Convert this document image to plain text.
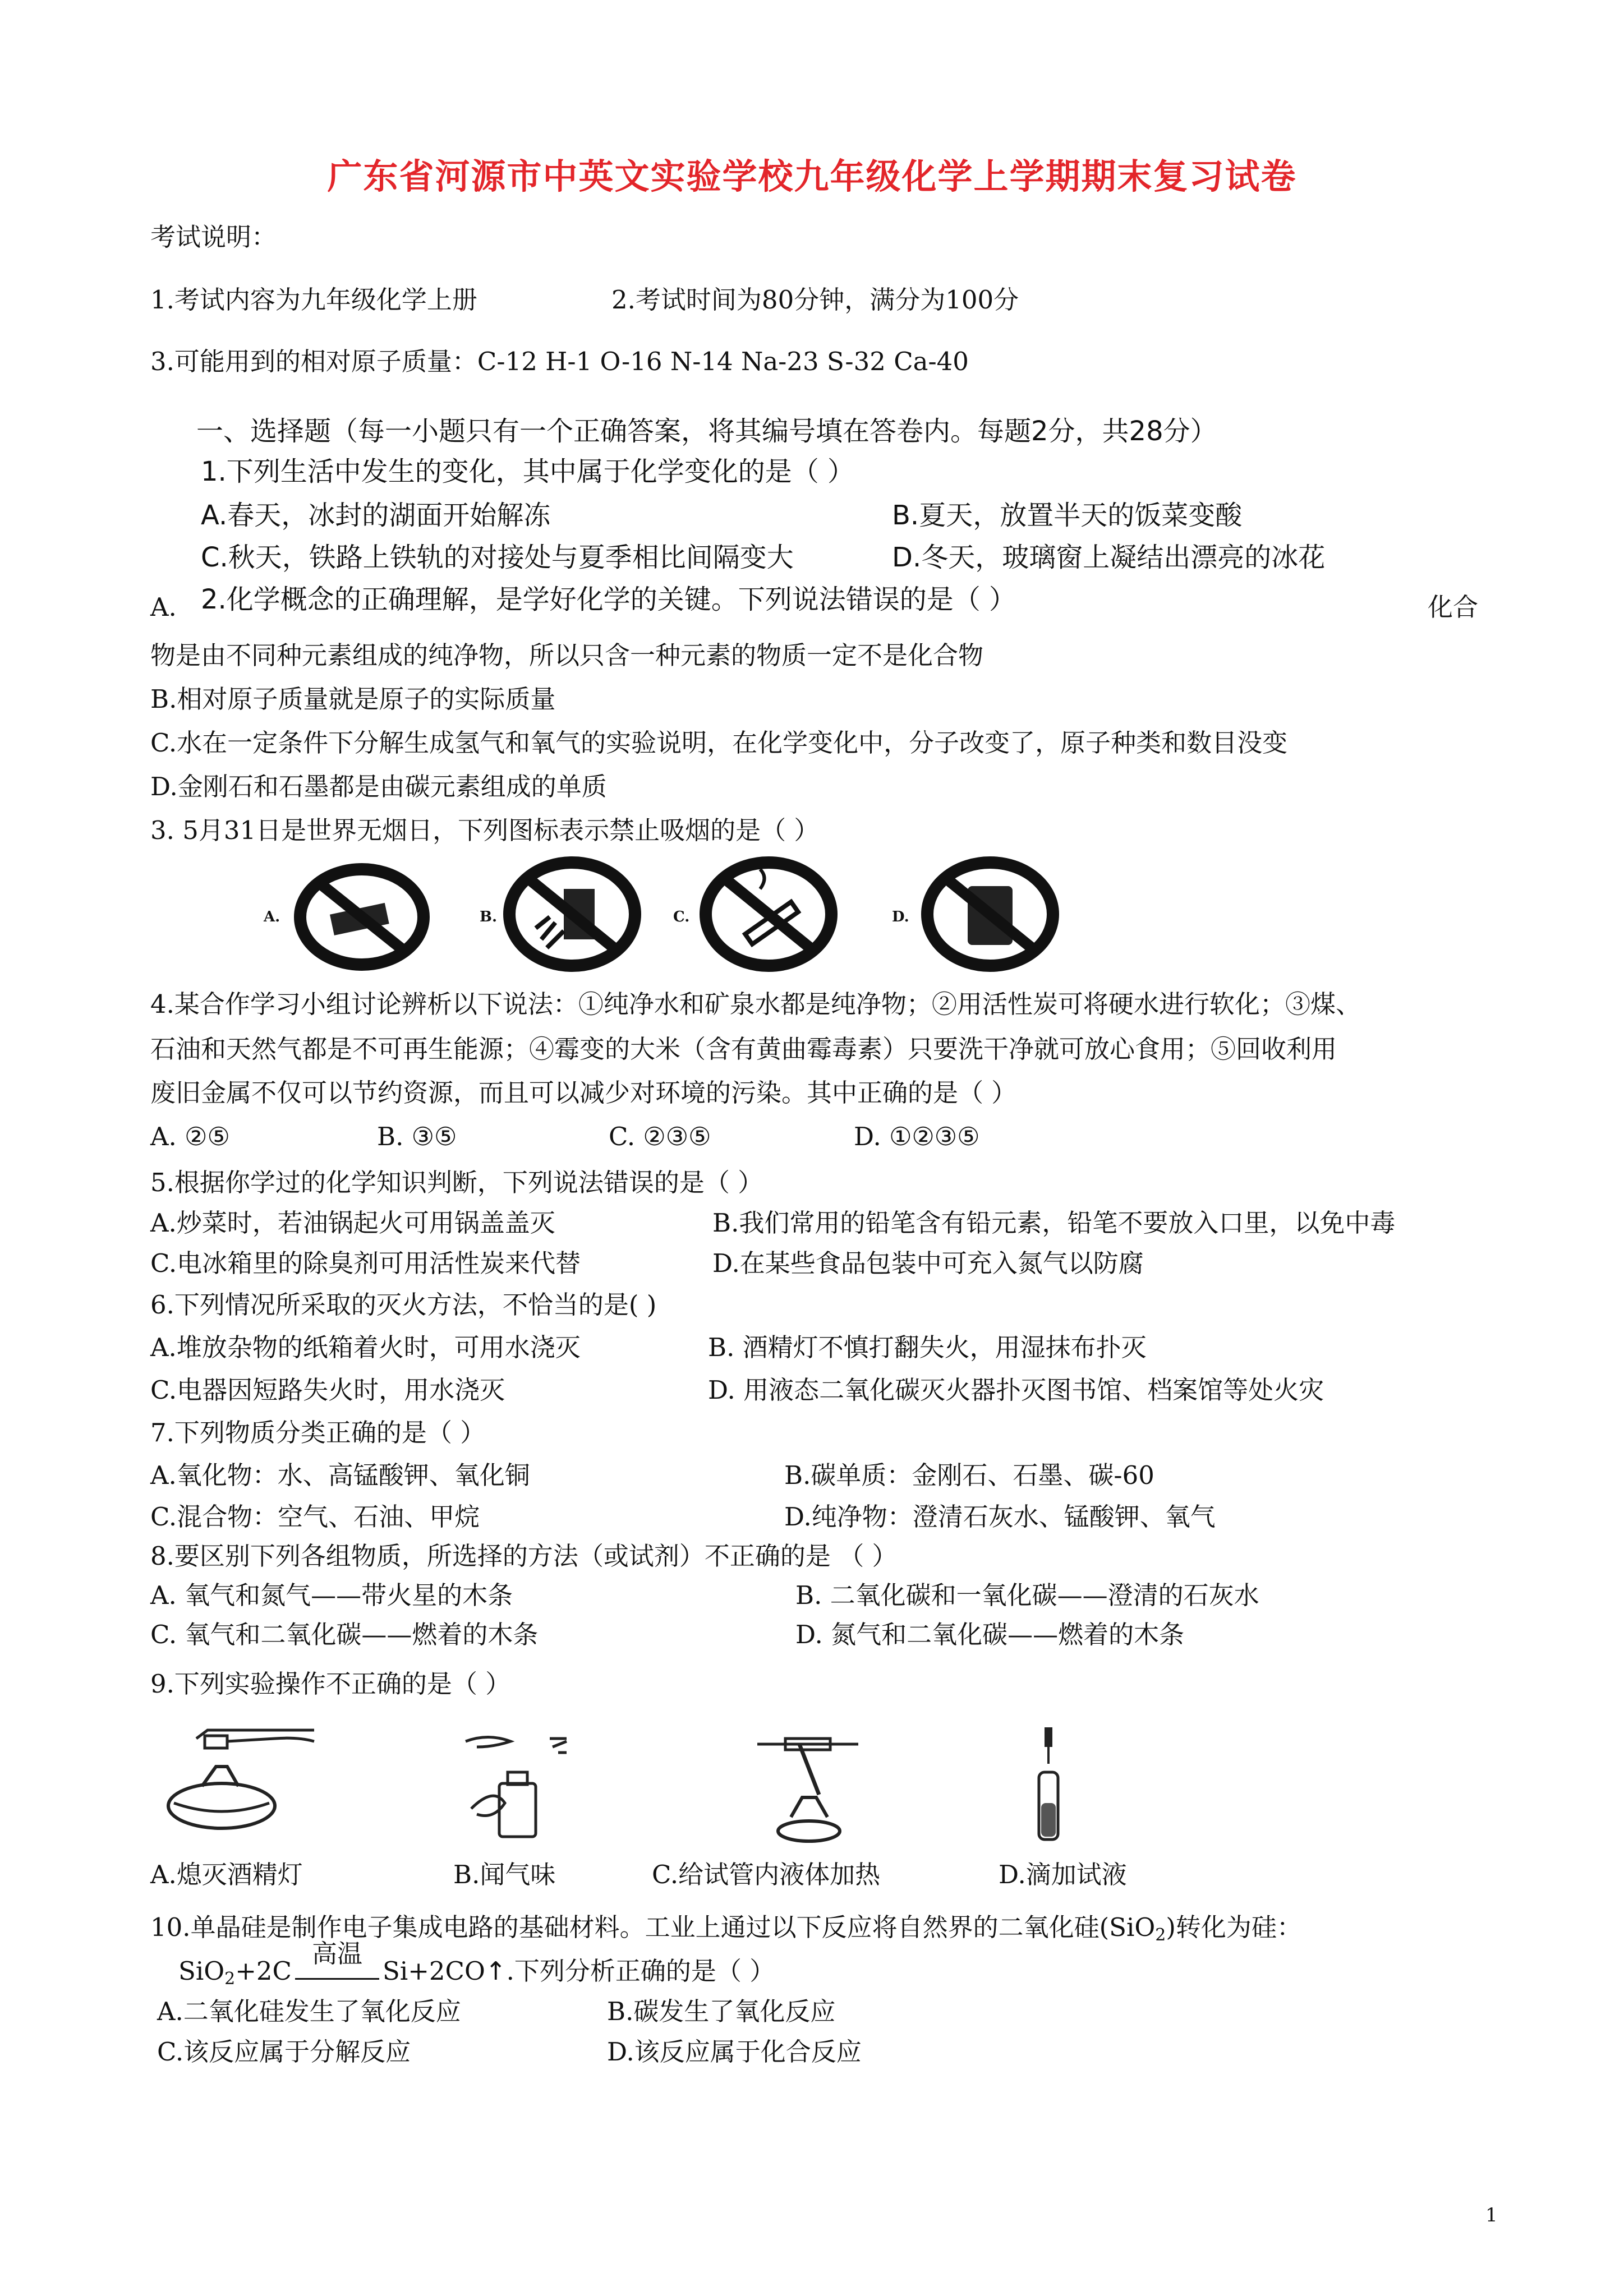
广东省河源市中英文实验学校九年级化学上学期期末复习试卷
考试说明：
1.考试内容为九年级化学上册	2.考试时间为80分钟，满分为100分
3.可能用到的相对原子质量：C-12 H-1 O-16 N-14 Na-23 S-32 Ca-40
一、选择题（每一小题只有一个正确答案，将其编号填在答卷内。每题2分，共28分）
1.下列生活中发生的变化，其中属于化学变化的是（ ）
A.春天，冰封的湖面开始解冻	B.夏天，放置半天的饭菜变酸
C.秋天，铁路上铁轨的对接处与夏季相比间隔变大	D.冬天，玻璃窗上凝结出漂亮的冰花
2.化学概念的正确理解，是学好化学的关键。下列说法错误的是（ ）
A.	化合
物是由不同种元素组成的纯净物，所以只含一种元素的物质一定不是化合物
B.相对原子质量就是原子的实际质量
C.水在一定条件下分解生成氢气和氧气的实验说明，在化学变化中，分子改变了，原子种类和数目没变
D.金刚石和石墨都是由碳元素组成的单质
3. 5月31日是世界无烟日，下列图标表示禁止吸烟的是（ ）
A.	B.	C.	D.
4.某合作学习小组讨论辨析以下说法：①纯净水和矿泉水都是纯净物；②用活性炭可将硬水进行软化；③煤、
石油和天然气都是不可再生能源；④霉变的大米（含有黄曲霉毒素）只要洗干净就可放心食用；⑤回收利用
废旧金属不仅可以节约资源，而且可以减少对环境的污染。其中正确的是（ ）
A. ②⑤	B. ③⑤	C. ②③⑤	D. ①②③⑤
5.根据你学过的化学知识判断，下列说法错误的是（ ）
A.炒菜时，若油锅起火可用锅盖盖灭	B.我们常用的铅笔含有铅元素，铅笔不要放入口里，以免中毒
C.电冰箱里的除臭剂可用活性炭来代替	D.在某些食品包装中可充入氮气以防腐
6.下列情况所采取的灭火方法，不恰当的是( )
A.堆放杂物的纸箱着火时，可用水浇灭	B. 酒精灯不慎打翻失火，用湿抹布扑灭
C.电器因短路失火时，用水浇灭	D. 用液态二氧化碳灭火器扑灭图书馆、档案馆等处火灾
7.下列物质分类正确的是（ ）
A.氧化物：水、高锰酸钾、氧化铜	B.碳单质：金刚石、石墨、碳-60
C.混合物：空气、石油、甲烷	D.纯净物：澄清石灰水、锰酸钾、氧气
8.要区别下列各组物质，所选择的方法（或试剂）不正确的是 （ ）
A. 氧气和氮气——带火星的木条	B. 二氧化碳和一氧化碳——澄清的石灰水
C. 氧气和二氧化碳——燃着的木条	D. 氮气和二氧化碳——燃着的木条
9.下列实验操作不正确的是（ ）
A.熄灭酒精灯	B.闻气味	C.给试管内液体加热	D.滴加试液
10.单晶硅是制作电子集成电路的基础材料。工业上通过以下反应将自然界的二氧化硅(SiO$_2$)转化为硅：
SiO$_2$+2C
高温
Si+2CO↑.下列分析正确的是（ ）
A.二氧化硅发生了氧化反应	B.碳发生了氧化反应
C.该反应属于分解反应	D.该反应属于化合反应
1
